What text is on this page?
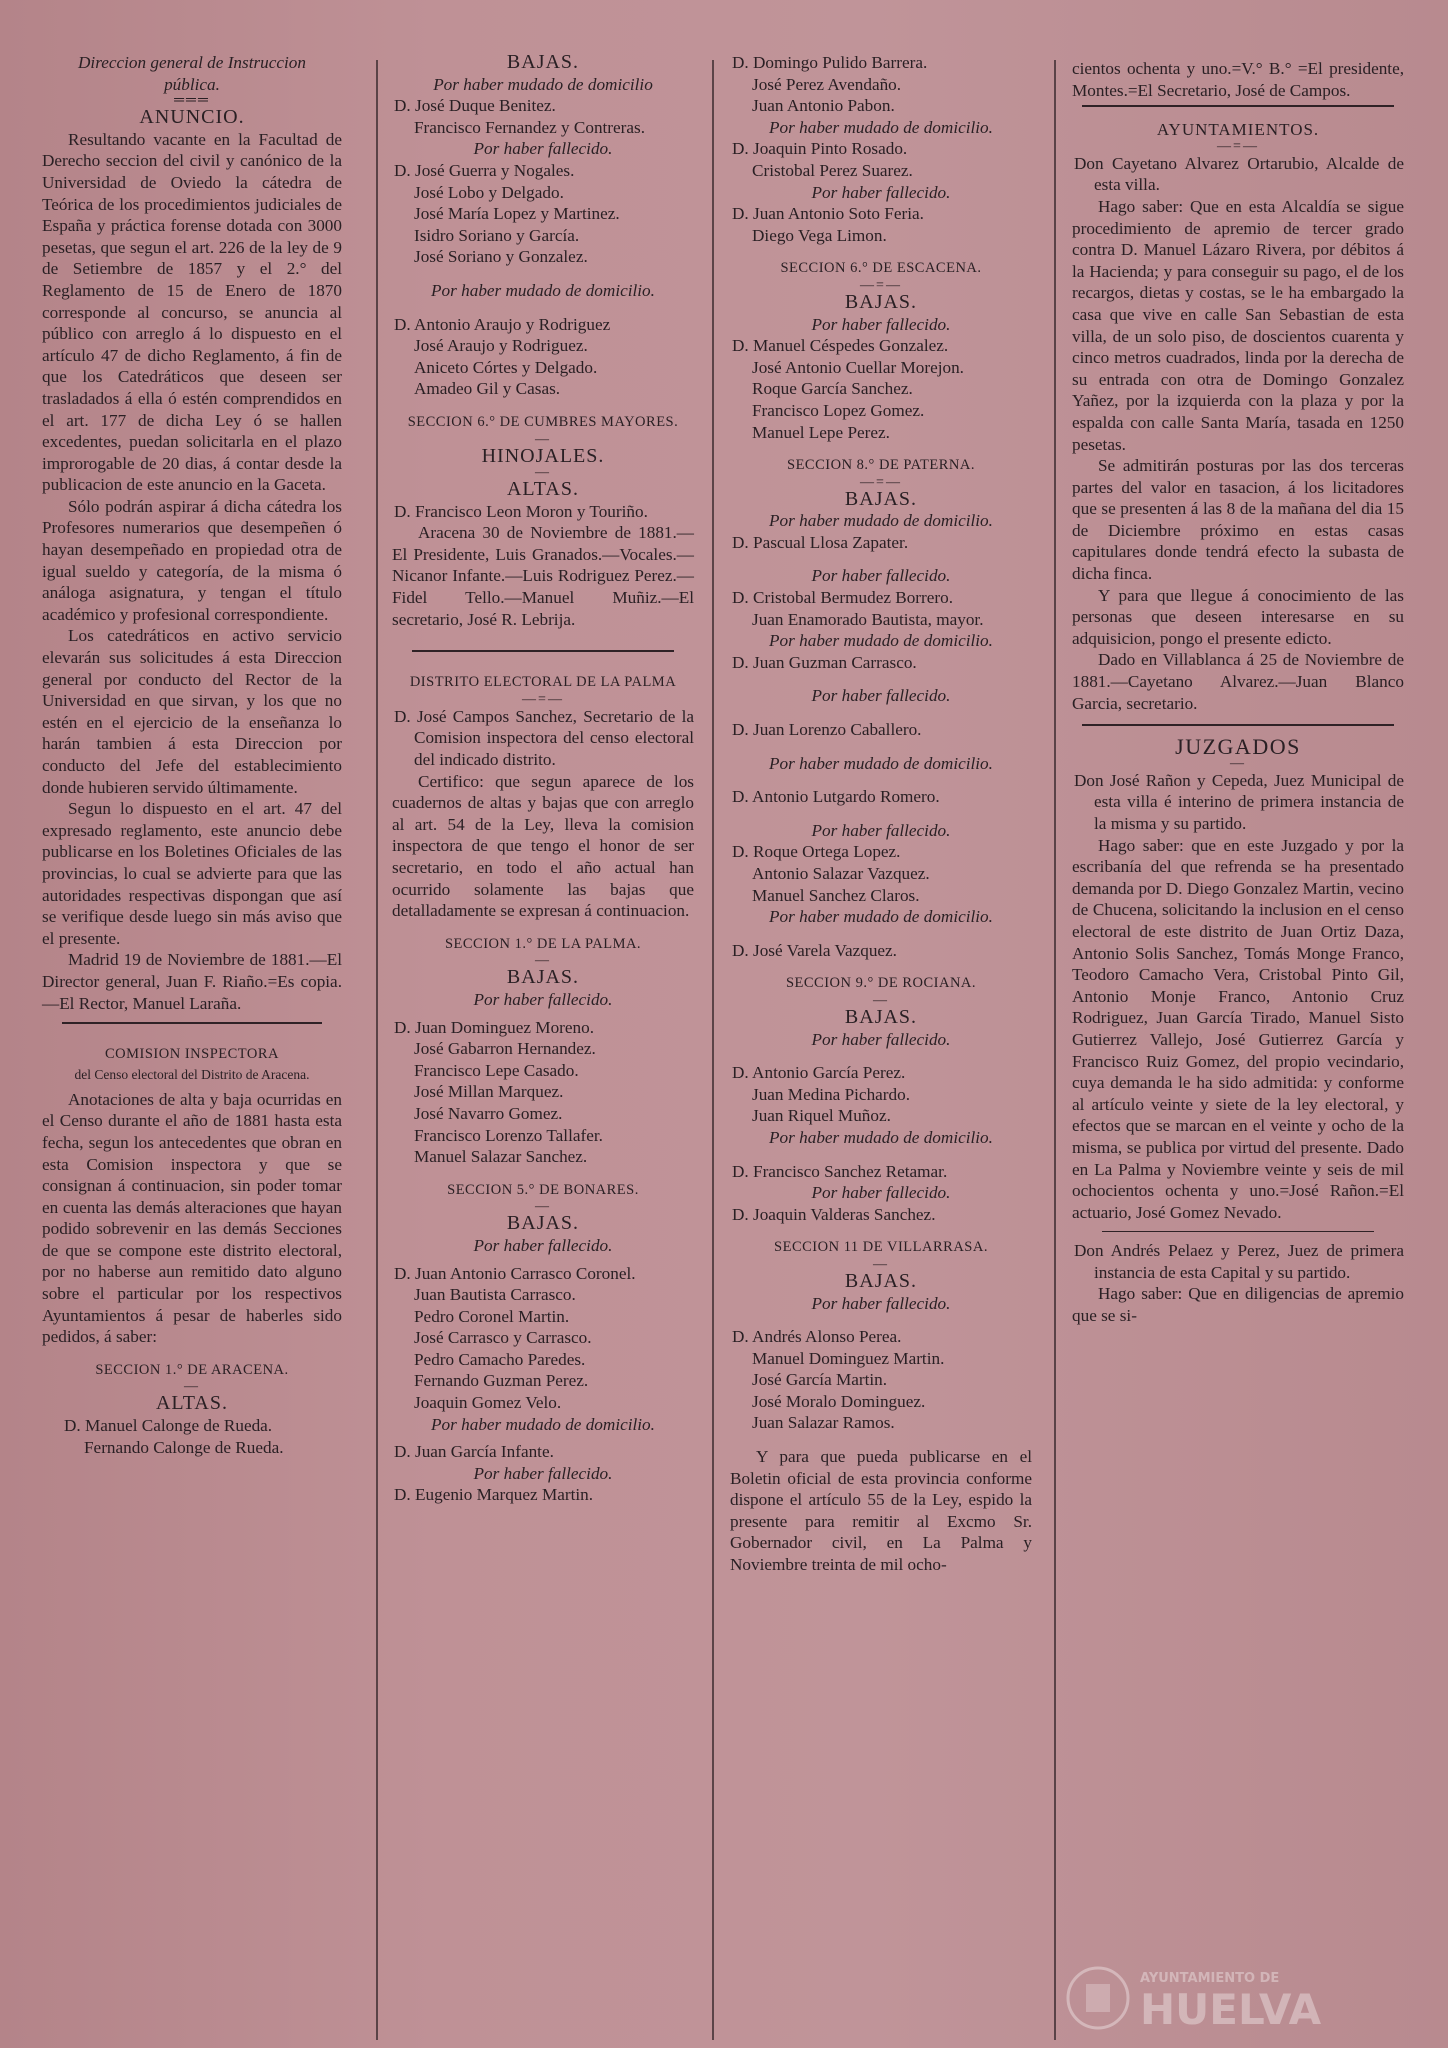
Direccion general de Instruccion pública.

═══

ANUNCIO.

Resultando vacante en la Facultad de Derecho seccion del civil y canónico de la Universidad de Oviedo la cátedra de Teórica de los procedimientos judiciales de España y práctica forense dotada con 3000 pesetas, que segun el art. 226 de la ley de 9 de Setiembre de 1857 y el 2.° del Reglamento de 15 de Enero de 1870 corresponde al concurso, se anuncia al público con arreglo á lo dispuesto en el artículo 47 de dicho Reglamento, á fin de que los Catedráticos que deseen ser trasladados á ella ó estén comprendidos en el art. 177 de dicha Ley ó se hallen excedentes, puedan solicitarla en el plazo improrogable de 20 dias, á contar desde la publicacion de este anuncio en la Gaceta.

Sólo podrán aspirar á dicha cátedra los Profesores numerarios que desempeñen ó hayan desempeñado en propiedad otra de igual sueldo y categoría, de la misma ó análoga asignatura, y tengan el título académico y profesional correspondiente.

Los catedráticos en activo servicio elevarán sus solicitudes á esta Direccion general por conducto del Rector de la Universidad en que sirvan, y los que no estén en el ejercicio de la enseñanza lo harán tambien á esta Direccion por conducto del Jefe del establecimiento donde hubieren servido últimamente.

Segun lo dispuesto en el art. 47 del expresado reglamento, este anuncio debe publicarse en los Boletines Oficiales de las provincias, lo cual se advierte para que las autoridades respectivas dispongan que así se verifique desde luego sin más aviso que el presente.

Madrid 19 de Noviembre de 1881.—El Director general, Juan F. Riaño.=Es copia.—El Rector, Manuel Laraña.

COMISION INSPECTORA

del Censo electoral del Distrito de Aracena.

Anotaciones de alta y baja ocurridas en el Censo durante el año de 1881 hasta esta fecha, segun los antecedentes que obran en esta Comision inspectora y que se consignan á continuacion, sin poder tomar en cuenta las demás alteraciones que hayan podido sobrevenir en las demás Secciones de que se compone este distrito electoral, por no haberse aun remitido dato alguno sobre el particular por los respectivos Ayuntamientos á pesar de haberles sido pedidos, á saber:

SECCION 1.° DE ARACENA.

—

ALTAS.

D. Manuel Calonge de Rueda.

Fernando Calonge de Rueda.

BAJAS.

Por haber mudado de domicilio

D. José Duque Benitez.

Francisco Fernandez y Contreras.

Por haber fallecido.

D. José Guerra y Nogales.

José Lobo y Delgado.

José María Lopez y Martinez.

Isidro Soriano y García.

José Soriano y Gonzalez.

Por haber mudado de domicilio.

D. Antonio Araujo y Rodriguez

José Araujo y Rodriguez.

Aniceto Córtes y Delgado.

Amadeo Gil y Casas.

SECCION 6.° DE CUMBRES MAYORES.

—

HINOJALES.

—

ALTAS.

D. Francisco Leon Moron y Touriño.

Aracena 30 de Noviembre de 1881.—El Presidente, Luis Granados.—Vocales.—Nicanor Infante.—Luis Rodriguez Perez.—Fidel Tello.—Manuel Muñiz.—El secretario, José R. Lebrija.

DISTRITO ELECTORAL DE LA PALMA

—=—

D. José Campos Sanchez, Secretario de la Comision inspectora del censo electoral del indicado distrito.

Certifico: que segun aparece de los cuadernos de altas y bajas que con arreglo al art. 54 de la Ley, lleva la comision inspectora de que tengo el honor de ser secretario, en todo el año actual han ocurrido solamente las bajas que detalladamente se expresan á continuacion.

SECCION 1.° DE LA PALMA.

—

BAJAS.

Por haber fallecido.

D. Juan Dominguez Moreno.

José Gabarron Hernandez.

Francisco Lepe Casado.

José Millan Marquez.

José Navarro Gomez.

Francisco Lorenzo Tallafer.

Manuel Salazar Sanchez.

SECCION 5.° DE BONARES.

—

BAJAS.

Por haber fallecido.

D. Juan Antonio Carrasco Coronel.

Juan Bautista Carrasco.

Pedro Coronel Martin.

José Carrasco y Carrasco.

Pedro Camacho Paredes.

Fernando Guzman Perez.

Joaquin Gomez Velo.

Por haber mudado de domicilio.

D. Juan García Infante.

Por haber fallecido.

D. Eugenio Marquez Martin.

D. Domingo Pulido Barrera.

José Perez Avendaño.

Juan Antonio Pabon.

Por haber mudado de domicilio.

D. Joaquin Pinto Rosado.

Cristobal Perez Suarez.

Por haber fallecido.

D. Juan Antonio Soto Feria.

Diego Vega Limon.

SECCION 6.° DE ESCACENA.

—=—

BAJAS.

Por haber fallecido.

D. Manuel Céspedes Gonzalez.

José Antonio Cuellar Morejon.

Roque García Sanchez.

Francisco Lopez Gomez.

Manuel Lepe Perez.

SECCION 8.° DE PATERNA.

—=—

BAJAS.

Por haber mudado de domicilio.

D. Pascual Llosa Zapater.

Por haber fallecido.

D. Cristobal Bermudez Borrero.

Juan Enamorado Bautista, mayor.

Por haber mudado de domicilio.

D. Juan Guzman Carrasco.

Por haber fallecido.

D. Juan Lorenzo Caballero.

Por haber mudado de domicilio.

D. Antonio Lutgardo Romero.

Por haber fallecido.

D. Roque Ortega Lopez.

Antonio Salazar Vazquez.

Manuel Sanchez Claros.

Por haber mudado de domicilio.

D. José Varela Vazquez.

SECCION 9.° DE ROCIANA.

—

BAJAS.

Por haber fallecido.

D. Antonio García Perez.

Juan Medina Pichardo.

Juan Riquel Muñoz.

Por haber mudado de domicilio.

D. Francisco Sanchez Retamar.

Por haber fallecido.

D. Joaquin Valderas Sanchez.

SECCION 11 DE VILLARRASA.

—

BAJAS.

Por haber fallecido.

D. Andrés Alonso Perea.

Manuel Dominguez Martin.

José García Martin.

José Moralo Dominguez.

Juan Salazar Ramos.

Y para que pueda publicarse en el Boletin oficial de esta provincia conforme dispone el artículo 55 de la Ley, espido la presente para remitir al Excmo Sr. Gobernador civil, en La Palma y Noviembre treinta de mil ocho-

cientos ochenta y uno.=V.° B.° =El presidente, Montes.=El Secretario, José de Campos.

AYUNTAMIENTOS.

—=—

Don Cayetano Alvarez Ortarubio, Alcalde de esta villa.

Hago saber: Que en esta Alcaldía se sigue procedimiento de apremio de tercer grado contra D. Manuel Lázaro Rivera, por débitos á la Hacienda; y para conseguir su pago, el de los recargos, dietas y costas, se le ha embargado la casa que vive en calle San Sebastian de esta villa, de un solo piso, de doscientos cuarenta y cinco metros cuadrados, linda por la derecha de su entrada con otra de Domingo Gonzalez Yañez, por la izquierda con la plaza y por la espalda con calle Santa María, tasada en 1250 pesetas.

Se admitirán posturas por las dos terceras partes del valor en tasacion, á los licitadores que se presenten á las 8 de la mañana del dia 15 de Diciembre próximo en estas casas capitulares donde tendrá efecto la subasta de dicha finca.

Y para que llegue á conocimiento de las personas que deseen interesarse en su adquisicion, pongo el presente edicto.

Dado en Villablanca á 25 de Noviembre de 1881.—Cayetano Alvarez.—Juan Blanco Garcia, secretario.

JUZGADOS

—

Don José Rañon y Cepeda, Juez Municipal de esta villa é interino de primera instancia de la misma y su partido.

Hago saber: que en este Juzgado y por la escribanía del que refrenda se ha presentado demanda por D. Diego Gonzalez Martin, vecino de Chucena, solicitando la inclusion en el censo electoral de este distrito de Juan Ortiz Daza, Antonio Solis Sanchez, Tomás Monge Franco, Teodoro Camacho Vera, Cristobal Pinto Gil, Antonio Monje Franco, Antonio Cruz Rodriguez, Juan García Tirado, Manuel Sisto Gutierrez Vallejo, José Gutierrez García y Francisco Ruiz Gomez, del propio vecindario, cuya demanda le ha sido admitida: y conforme al artículo veinte y siete de la ley electoral, y efectos que se marcan en el veinte y ocho de la misma, se publica por virtud del presente. Dado en La Palma y Noviembre veinte y seis de mil ochocientos ochenta y uno.=José Rañon.=El actuario, José Gomez Nevado.

Don Andrés Pelaez y Perez, Juez de primera instancia de esta Capital y su partido.

Hago saber: Que en diligencias de apremio que se si-

AYUNTAMIENTO DE
HUELVA
